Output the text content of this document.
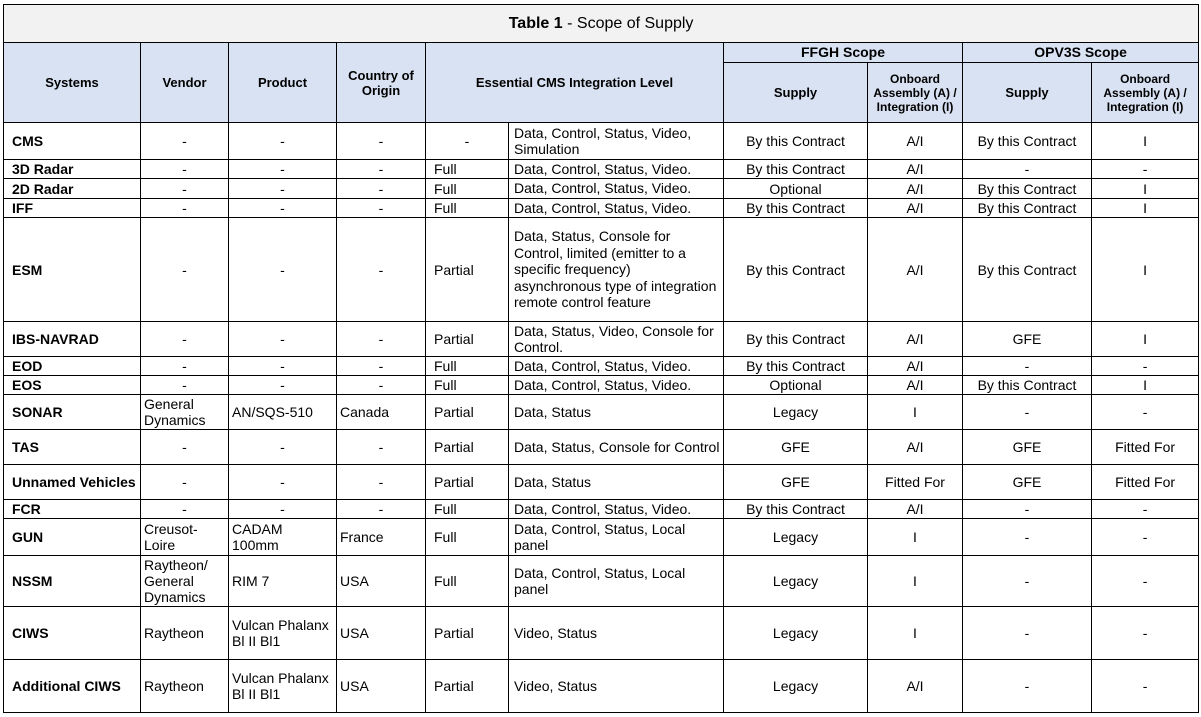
Table 1 - Scope of Supply									
Systems	Vendor	Product	Country of Origin	Essential CMS Integration Level		FFGH Scope		OPV3S Scope	
						Supply	Onboard Assembly (A) / Integration (I)	Supply	Onboard Assembly (A) / Integration (I)
CMS	-	-	-	-	Data, Control, Status, Video, Simulation	By this Contract	A/I	By this Contract	I
3D Radar	-	-	-	Full	Data, Control, Status, Video.	By this Contract	A/I	-	-
2D Radar	-	-	-	Full	Data, Control, Status, Video.	Optional	A/I	By this Contract	I
IFF	-	-	-	Full	Data, Control, Status, Video.	By this Contract	A/I	By this Contract	I
ESM	-	-	-	Partial	Data, Status, Console for Control, limited (emitter to a specific frequency) asynchronous type of integration remote control feature	By this Contract	A/I	By this Contract	I
IBS-NAVRAD	-	-	-	Partial	Data, Status, Video, Console for Control.	By this Contract	A/I	GFE	I
EOD	-	-	-	Full	Data, Control, Status, Video.	By this Contract	A/I	-	-
EOS	-	-	-	Full	Data, Control, Status, Video.	Optional	A/I	By this Contract	I
SONAR	General Dynamics	AN/SQS-510	Canada	Partial	Data, Status	Legacy	I	-	-
TAS	-	-	-	Partial	Data, Status, Console for Control	GFE	A/I	GFE	Fitted For
Unnamed Vehicles	-	-	-	Partial	Data, Status	GFE	Fitted For	GFE	Fitted For
FCR	-	-	-	Full	Data, Control, Status, Video.	By this Contract	A/I	-	-
GUN	Creusot-Loire	CADAM 100mm	France	Full	Data, Control, Status, Local panel	Legacy	I	-	-
NSSM	Raytheon/ General Dynamics	RIM 7	USA	Full	Data, Control, Status, Local panel	Legacy	I	-	-
CIWS	Raytheon	Vulcan Phalanx Bl II Bl1	USA	Partial	Video, Status	Legacy	I	-	-
Additional CIWS	Raytheon	Vulcan Phalanx Bl II Bl1	USA	Partial	Video, Status	Legacy	A/I	-	-
